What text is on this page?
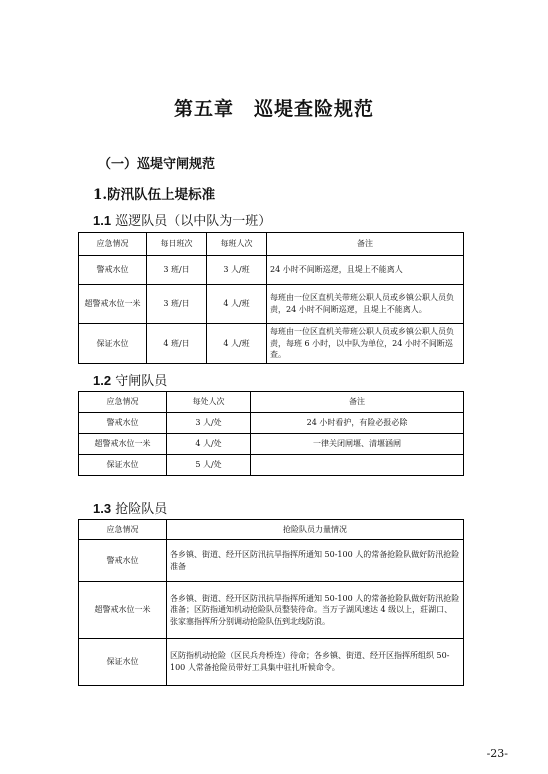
第五章　巡堤查险规范
（一）巡堤守闸规范
1.防汛队伍上堤标准
1.1 巡逻队员（以中队为一班）
应急情况	每日班次	每班人次	备注
警戒水位	3 班/日	3 人/班	24 小时不间断巡逻，且堤上不能离人
超警戒水位一米	3 班/日	4 人/班	每班由一位区直机关带班公职人员或乡镇公职人员负责，24 小时不间断巡逻，且堤上不能离人。
保证水位	4 班/日	4 人/班	每班由一位区直机关带班公职人员或乡镇公职人员负责，每班 6 小时，以中队为单位，24 小时不间断巡查。
1.2 守闸队员
应急情况	每处人次	备注
警戒水位	3 人/处	24 小时看护，有险必报必除
超警戒水位一米	4 人/处	一律关闭闸堰、清堰涵闸
保证水位	5 人/处	
1.3 抢险队员
应急情况	抢险队员力量情况
警戒水位	各乡镇、街道、经开区防汛抗旱指挥所通知 50-100 人的常备抢险队做好防汛抢险准备
超警戒水位一米	各乡镇、街道、经开区防汛抗旱指挥所通知 50-100 人的常备抢险队做好防汛抢险准备；区防指通知机动抢险队员整装待命。当万子湖风速达 4 级以上，莊湖口、张家塞指挥所分别调动抢险队伍到北线防浪。
保证水位	区防指机动抢险（区民兵舟桥连）待命；各乡镇、街道、经开区指挥所组织 50-100 人常备抢险员带好工具集中驻扎听候命令。
-23-
